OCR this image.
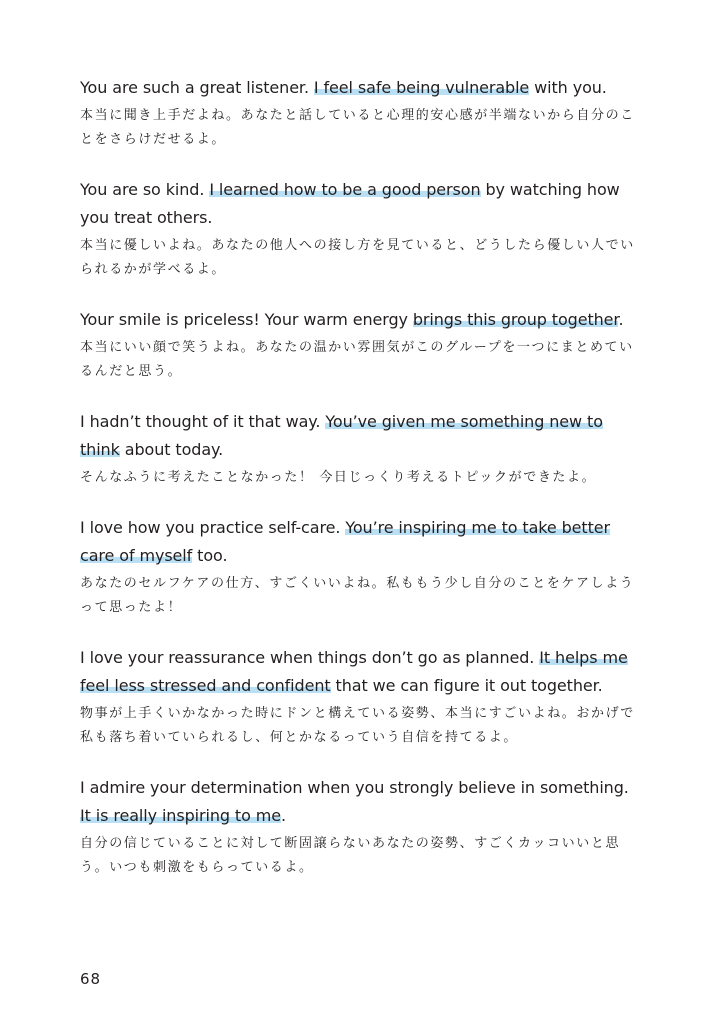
You are such a great listener. I feel safe being vulnerable with you.

本当に聞き上手だよね。あなたと話していると心理的安心感が半端ないから自分のことをさらけだせるよ。

You are so kind. I learned how to be a good person by watching how you treat others.

本当に優しいよね。あなたの他人への接し方を見ていると、どうしたら優しい人でいられるかが学べるよ。

Your smile is priceless! Your warm energy brings this group together.

本当にいい顔で笑うよね。あなたの温かい雰囲気がこのグループを一つにまとめているんだと思う。

I hadn’t thought of it that way. You’ve given me something new to think about today.

そんなふうに考えたことなかった！ 今日じっくり考えるトピックができたよ。

I love how you practice self-care. You’re inspiring me to take better care of myself too.

あなたのセルフケアの仕方、すごくいいよね。私ももう少し自分のことをケアしようって思ったよ！

I love your reassurance when things don’t go as planned. It helps me feel less stressed and confident that we can figure it out together.

物事が上手くいかなかった時にドンと構えている姿勢、本当にすごいよね。おかげで私も落ち着いていられるし、何とかなるっていう自信を持てるよ。

I admire your determination when you strongly believe in something. It is really inspiring to me.

自分の信じていることに対して断固譲らないあなたの姿勢、すごくカッコいいと思う。いつも刺激をもらっているよ。

68
